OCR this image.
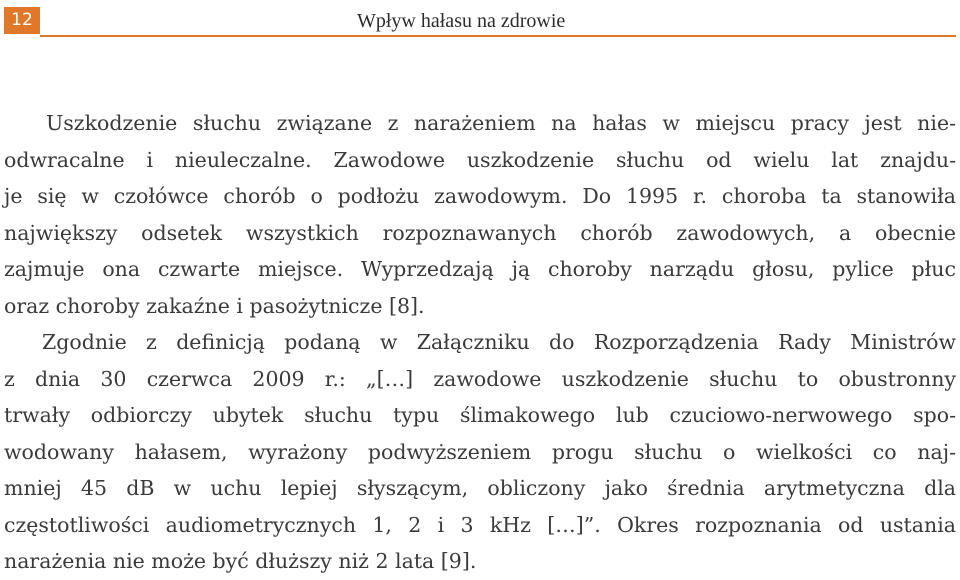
12	Wpływ hałasu na zdrowie
Uszkodzenie słuchu związane z narażeniem na hałas w miejscu pracy jest nie-
odwracalne i nieuleczalne. Zawodowe uszkodzenie słuchu od wielu lat znajdu-
je się w czołówce chorób o podłożu zawodowym. Do 1995 r. choroba ta stanowiła
największy odsetek wszystkich rozpoznawanych chorób zawodowych, a obecnie
zajmuje ona czwarte miejsce. Wyprzedzają ją choroby narządu głosu, pylice płuc
oraz choroby zakaźne i pasożytnicze [8].
Zgodnie z definicją podaną w Załączniku do Rozporządzenia Rady Ministrów
z dnia 30 czerwca 2009 r.: „[…] zawodowe uszkodzenie słuchu to obustronny
trwały odbiorczy ubytek słuchu typu ślimakowego lub czuciowo-nerwowego spo-
wodowany hałasem, wyrażony podwyższeniem progu słuchu o wielkości co naj-
mniej 45 dB w uchu lepiej słyszącym, obliczony jako średnia arytmetyczna dla
częstotliwości audiometrycznych 1, 2 i 3 kHz […]”. Okres rozpoznania od ustania
narażenia nie może być dłuższy niż 2 lata [9].
